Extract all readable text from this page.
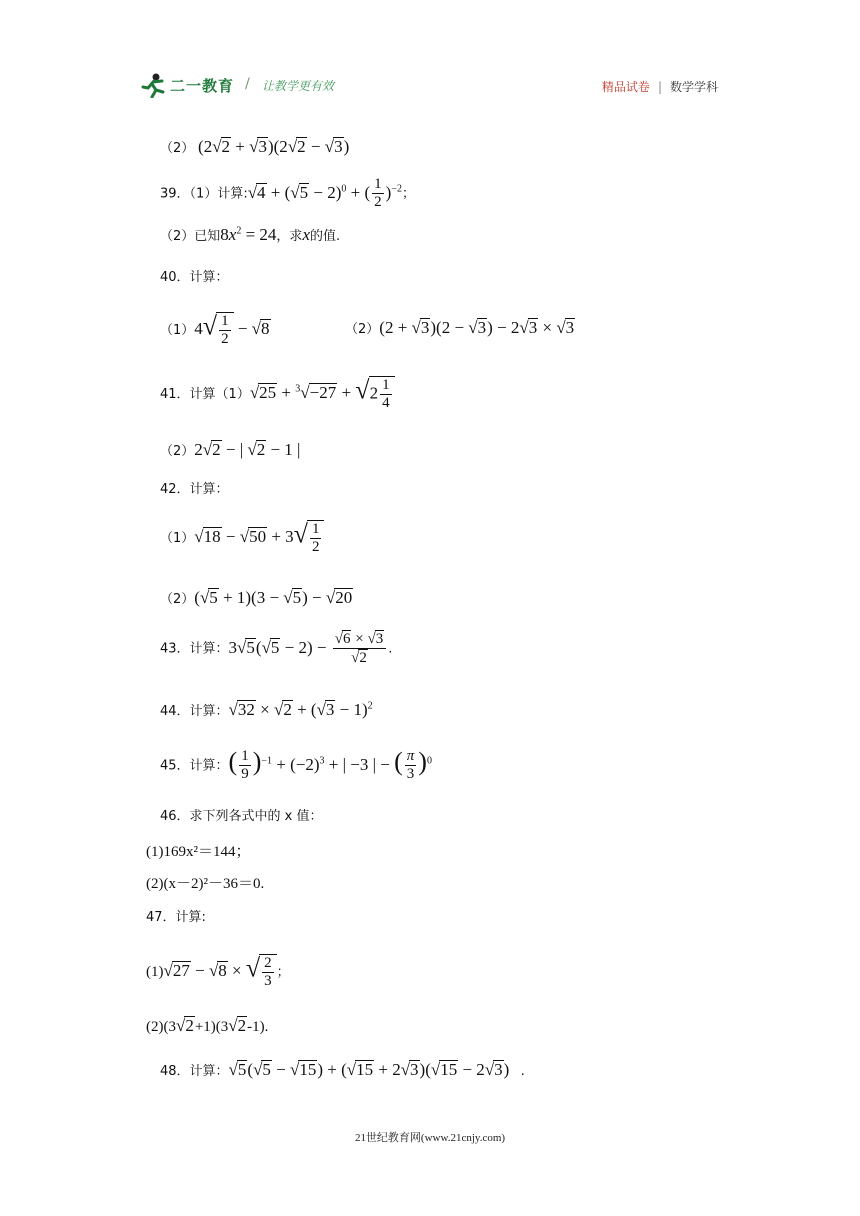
二一教育 / 让教学更有效	精品试卷 | 数学学科
（2） (2√2 + √3)(2√2 − √3)
39．（1）计算:√4 + $(√5 - 2)^0$ + ( $\frac{1}{2} )^{-2}$；
（2）已知$8x^2 = 24$，求x的值.
40．计算：
$(1)4√ \frac{1}{2} - √8$	（2）(2 + √3)(2 − √3) − 2√3 × √3
41．计算$(1)√25 + ^3√-27 + √2 \frac{1}{4}$
（2）2√2 − | √2 − 1 |
42．计算：
$(1)√18 - √50 + 3√ \frac{1}{2}$
（2）(√5 + 1)(3 − √5) − √20
43．计算：$3√5(√5 - 2) - \frac{√6 \times √3}{√2}$ .
44．计算：$√32 \times √2 + (√3 - 1)^2$
45．计算：( $\frac{1}{9} )^{-1} + (-2)^3$ + | −3 | − ( $\frac{\pi}{3} )^0$
46．求下列各式中的 x 值：
(1)169x²＝144；
(2)(x－2)²－36＝0.
47．计算:
(1)√27 − √8 × √ $\frac{2}{3}$ ；
(2)(3√2+1)(3√2-1).
48．计算：√5(√5 − √15) + (√15 + 2√3)(√15 − 2√3) .
21世纪教育网(www.21cnjy.com)
